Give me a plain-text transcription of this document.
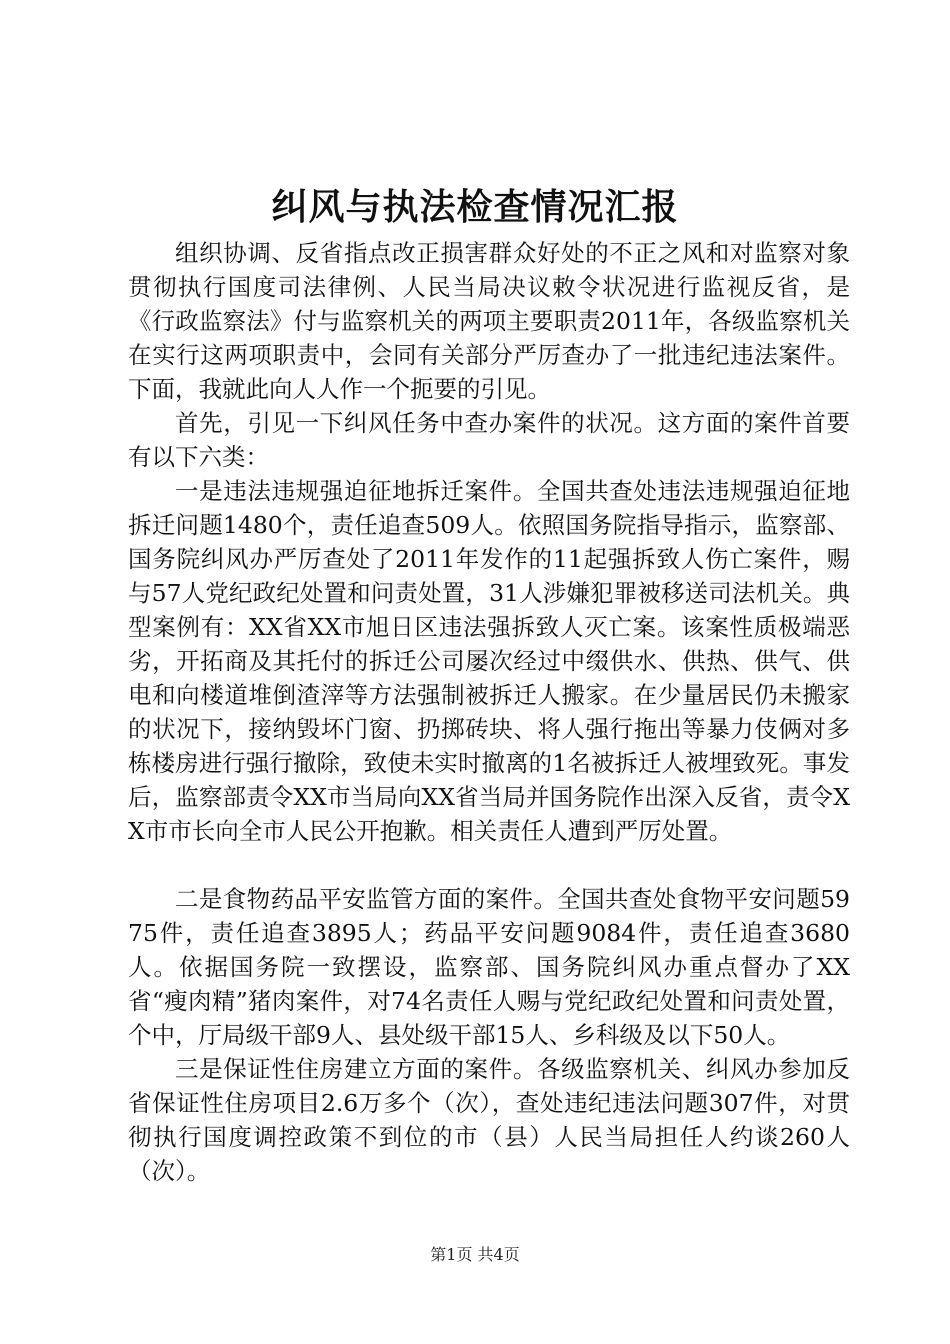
纠风与执法检查情况汇报

组织协调、反省指点改正损害群众好处的不正之风和对监察对象贯彻执行国度司法律例、人民当局决议敕令状况进行监视反省，是《行政监察法》付与监察机关的两项主要职责2011年，各级监察机关在实行这两项职责中，会同有关部分严厉查办了一批违纪违法案件。下面，我就此向人人作一个扼要的引见。

首先，引见一下纠风任务中查办案件的状况。这方面的案件首要有以下六类：

一是违法违规强迫征地拆迁案件。全国共查处违法违规强迫征地拆迁问题1480个，责任追查509人。依照国务院指导指示，监察部、国务院纠风办严厉查处了2011年发作的11起强拆致人伤亡案件，赐与57人党纪政纪处置和问责处置，31人涉嫌犯罪被移送司法机关。典型案例有：XX省XX市旭日区违法强拆致人灭亡案。该案性质极端恶劣，开拓商及其托付的拆迁公司屡次经过中缀供水、供热、供气、供电和向楼道堆倒渣滓等方法强制被拆迁人搬家。在少量居民仍未搬家的状况下，接纳毁坏门窗、扔掷砖块、将人强行拖出等暴力伎俩对多栋楼房进行强行撤除，致使未实时撤离的1名被拆迁人被埋致死。事发后，监察部责令XX市当局向XX省当局并国务院作出深入反省，责令XX市市长向全市人民公开抱歉。相关责任人遭到严厉处置。

二是食物药品平安监管方面的案件。全国共查处食物平安问题5975件，责任追查3895人；药品平安问题9084件，责任追查3680人。依据国务院一致摆设，监察部、国务院纠风办重点督办了XX省“瘦肉精”猪肉案件，对74名责任人赐与党纪政纪处置和问责处置，个中，厅局级干部9人、县处级干部15人、乡科级及以下50人。

三是保证性住房建立方面的案件。各级监察机关、纠风办参加反省保证性住房项目2.6万多个（次），查处违纪违法问题307件，对贯彻执行国度调控政策不到位的市（县）人民当局担任人约谈260人（次）。

第1页 共4页
